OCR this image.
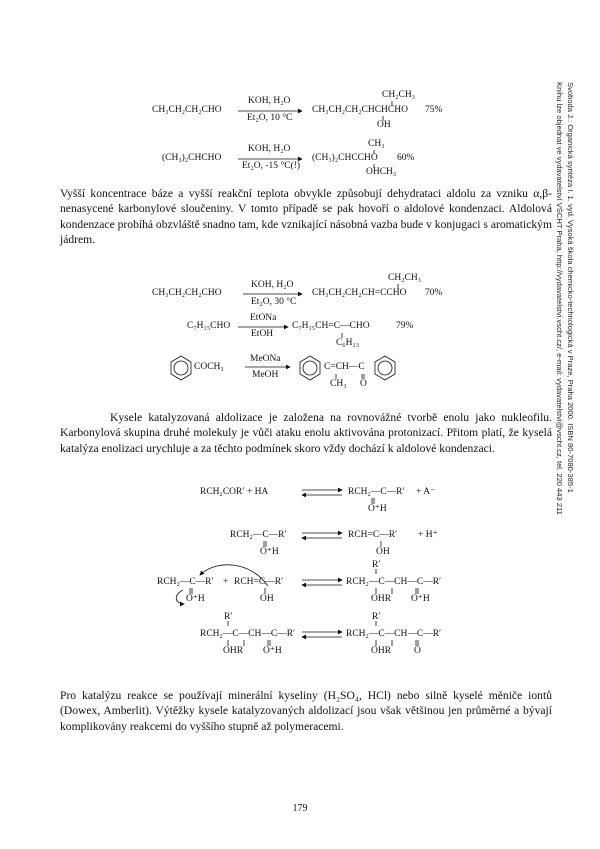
Svoboda J.: Organická syntéza I. 1. vyd. Vysoká škola chemicko-technologická v Praze, Praha 2000. ISBN 80-7080-385-1
Knihu lze objednat ve vydavatelství VŠCHT Praha, http://vydavatelstvi.vscht.cz/, e-mail: vydavatelstvi@vscht.cz, tel. 220 443 211
CH₃CH₂CH₂CHO
KOH, H₂O
Et₂O, 10 °C
CH₃CH₂CH₂CHCHCHO
CH₂CH₃
OH
75%
(CH₃)₂CHCHO
KOH, H₂O
Et₂O, -15 °C(!)
(CH₃)₂CHCCHO
CH₃
OHCH₃
60%
Vyšší koncentrace báze a vyšší reakční teplota obvykle způsobují dehydrataci aldolu za vzniku α,β-nenasycené karbonylové sloučeniny. V tomto případě se pak hovoří o aldolové kondenzaci. Aldolová kondenzace probíhá obzvláště snadno tam, kde vznikající násobná vazba bude v konjugaci s aromatickým jádrem.
CH₃CH₂CH₂CHO
KOH, H₂O
Et₂O, 30 °C
CH₃CH₂CH₂CH=CCHO
CH₂CH₃
70%
C₇H₁₅CHO
EtONa
EtOH
C₇H₁₅CH=C—CHO
C₆H₁₃
79%
COCH₃
MeONa
MeOH
C=CH—C
CH₃ O
Kysele katalyzovaná aldolizace je založena na rovnovážné tvorbě enolu jako nukleofilu. Karbonylová skupina druhé molekuly je vůči ataku enolu aktivována protonizací. Přitom platí, že kyselá katalýza enolizaci urychluje a za těchto podmínek skoro vždy dochází k aldolové kondenzaci.
RCH₂COR′ + HA	RCH₂—C—R′ + A⁻
O⁺H
RCH₂—C—R′
O⁺H
RCH=C—R′ + H⁺
OH
RCH₂—C—R′ + RCH=C—R′
O⁺H	OH
RCH₂—C—CH—C—R′
R′
OHR O⁺H
RCH₂—C—CH—C—R′
R′
OHR O⁺H
RCH₂—C—CH—C—R′
R′
OHR O
Pro katalýzu reakce se používají minerální kyseliny (H₂SO₄, HCl) nebo silně kyselé měniče iontů (Dowex, Amberlit). Výtěžky kysele katalyzovaných aldolizací jsou však většinou jen průměrné a bývají komplikovány reakcemi do vyššího stupně až polymeracemi.
179
